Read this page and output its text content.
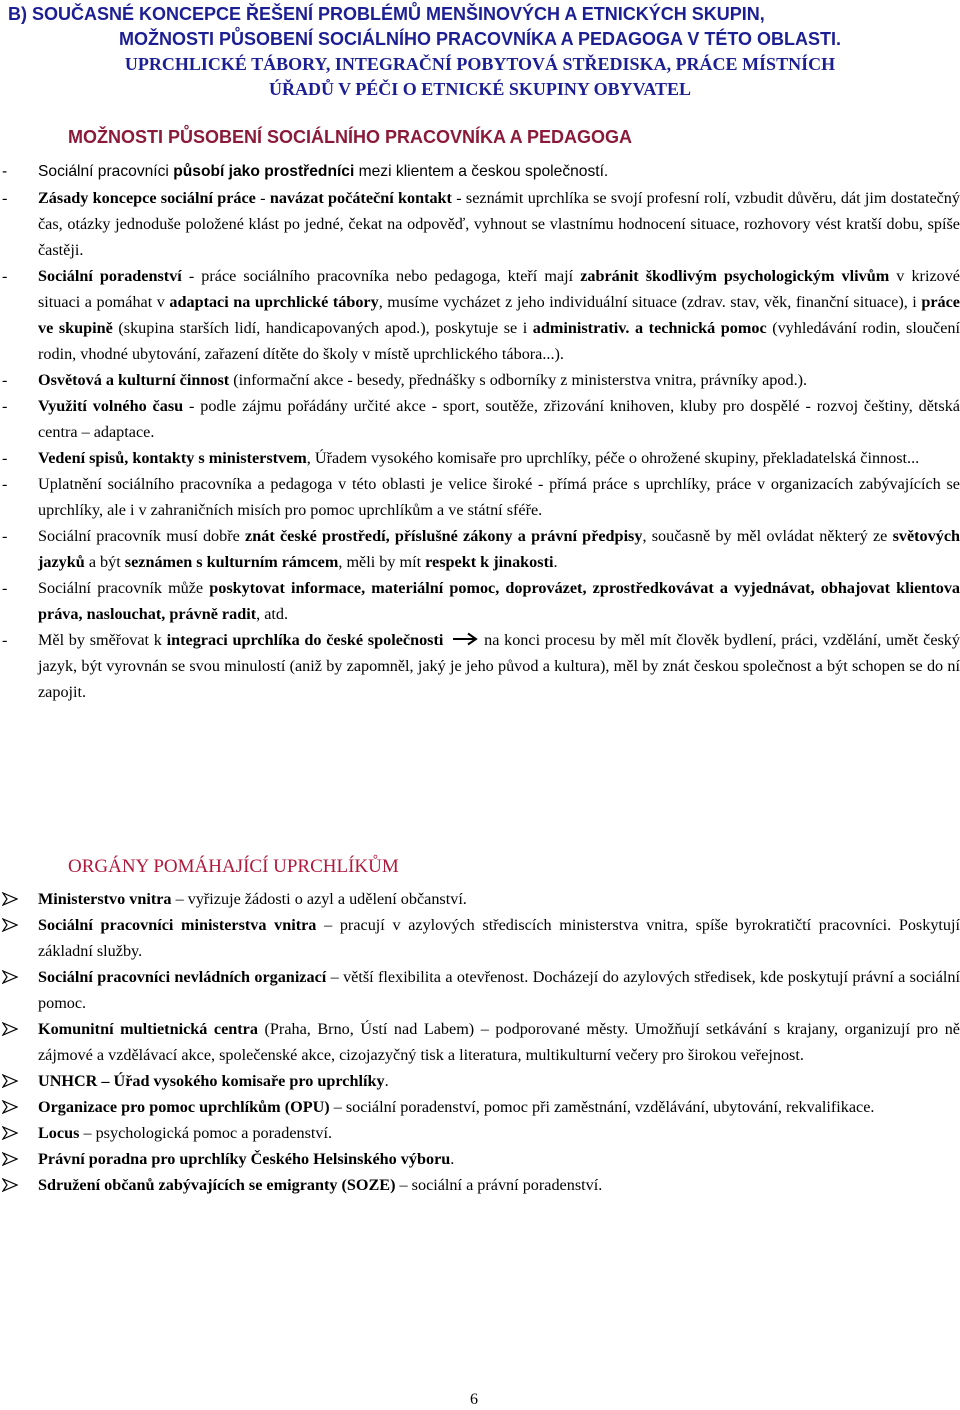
B) SOUČASNÉ KONCEPCE ŘEŠENÍ PROBLÉMŮ MENŠINOVÝCH A ETNICKÝCH SKUPIN,
MOŽNOSTI PŮSOBENÍ SOCIÁLNÍHO PRACOVNÍKA A PEDAGOGA V TÉTO OBLASTI.
UPRCHLICKÉ TÁBORY, INTEGRAČNÍ POBYTOVÁ STŘEDISKA, PRÁCE MÍSTNÍCH
ÚŘADŮ V PÉČI O ETNICKÉ SKUPINY OBYVATEL
MOŽNOSTI PŮSOBENÍ SOCIÁLNÍHO PRACOVNÍKA A PEDAGOGA
-	Sociální pracovníci působí jako prostředníci mezi klientem a českou společností.
-	Zásady koncepce sociální práce - navázat počáteční kontakt - seznámit uprchlíka se svojí profesní rolí, vzbudit důvěru, dát jim dostatečný čas, otázky jednoduše položené klást po jedné, čekat na odpověď, vyhnout se vlastnímu hodnocení situace, rozhovory vést kratší dobu, spíše častěji.
-	Sociální poradenství - práce sociálního pracovníka nebo pedagoga, kteří mají zabránit škodlivým psychologickým vlivům v krizové situaci a pomáhat v adaptaci na uprchlické tábory, musíme vycházet z jeho individuální situace (zdrav. stav, věk, finanční situace), i práce ve skupině (skupina starších lidí, handicapovaných apod.), poskytuje se i administrativ. a technická pomoc (vyhledávání rodin, sloučení rodin, vhodné ubytování, zařazení dítěte do školy v místě uprchlického tábora...).
-	Osvětová a kulturní činnost (informační akce - besedy, přednášky s odborníky z ministerstva vnitra, právníky apod.).
-	Využití volného času - podle zájmu pořádány určité akce - sport, soutěže, zřizování knihoven, kluby pro dospělé - rozvoj češtiny, dětská centra – adaptace.
-	Vedení spisů, kontakty s ministerstvem, Úřadem vysokého komisaře pro uprchlíky, péče o ohrožené skupiny, překladatelská činnost...
-	Uplatnění sociálního pracovníka a pedagoga v této oblasti je velice široké - přímá práce s uprchlíky, práce v organizacích zabývajících se uprchlíky, ale i v zahraničních misích pro pomoc uprchlíkům a ve státní sféře.
-	Sociální pracovník musí dobře znát české prostředí, příslušné zákony a právní předpisy, současně by měl ovládat některý ze světových jazyků a být seznámen s kulturním rámcem, měli by mít respekt k jinakosti.
-	Sociální pracovník může poskytovat informace, materiální pomoc, doprovázet, zprostředkovávat a vyjednávat, obhajovat klientova práva, naslouchat, právně radit, atd.
-	Měl by směřovat k integraci uprchlíka do české společnosti	na konci procesu by měl mít člověk bydlení, práci, vzdělání, umět český jazyk, být vyrovnán se svou minulostí (aniž by zapomněl, jaký je jeho původ a kultura), měl by znát českou společnost a být schopen se do ní zapojit.
ORGÁNY POMÁHAJÍCÍ UPRCHLÍKŮM
Ministerstvo vnitra – vyřizuje žádosti o azyl a udělení občanství.
Sociální pracovníci ministerstva vnitra – pracují v azylových střediscích ministerstva vnitra, spíše byrokratičtí pracovníci. Poskytují základní služby.
Sociální pracovníci nevládních organizací – větší flexibilita a otevřenost. Docházejí do azylových středisek, kde poskytují právní a sociální pomoc.
Komunitní multietnická centra (Praha, Brno, Ústí nad Labem) – podporované městy. Umožňují setkávání s krajany, organizují pro ně zájmové a vzdělávací akce, společenské akce, cizojazyčný tisk a literatura, multikulturní večery pro širokou veřejnost.
UNHCR – Úřad vysokého komisaře pro uprchlíky.
Organizace pro pomoc uprchlíkům (OPU) – sociální poradenství, pomoc při zaměstnání, vzdělávání, ubytování, rekvalifikace.
Locus – psychologická pomoc a poradenství.
Právní poradna pro uprchlíky Českého Helsinského výboru.
Sdružení občanů zabývajících se emigranty (SOZE) – sociální a právní poradenství.
6
